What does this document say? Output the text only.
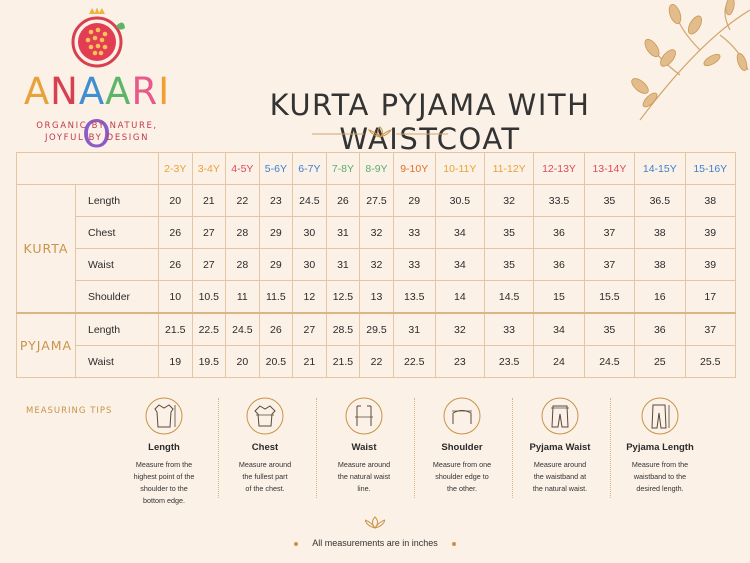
ANAARIO
ORGANIC BY NATURE,
JOYFUL BY DESIGN
KURTA PYJAMA WITH WAISTCOAT
		2-3Y	3-4Y	4-5Y	5-6Y	6-7Y	7-8Y	8-9Y	9-10Y	10-11Y	11-12Y	12-13Y	13-14Y	14-15Y	15-16Y
KURTA	Length	20	21	22	23	24.5	26	27.5	29	30.5	32	33.5	35	36.5	38
	Chest	26	27	28	29	30	31	32	33	34	35	36	37	38	39
	Waist	26	27	28	29	30	31	32	33	34	35	36	37	38	39
	Shoulder	10	10.5	11	11.5	12	12.5	13	13.5	14	14.5	15	15.5	16	17
PYJAMA	Length	21.5	22.5	24.5	26	27	28.5	29.5	31	32	33	34	35	36	37
	Waist	19	19.5	20	20.5	21	21.5	22	22.5	23	23.5	24	24.5	25	25.5
MEASURING TIPS
Length
Measure from the
highest point of the
shoulder to the
bottom edge.
Chest
Measure around
the fullest part
of the chest.
Waist
Measure around
the natural waist
line.
Shoulder
Measure from one
shoulder edge to
the other.
Pyjama Waist
Measure around
the waistband at
the natural waist.
Pyjama Length
Measure from the
waistband to the
desired length.
All measurements are in inches
